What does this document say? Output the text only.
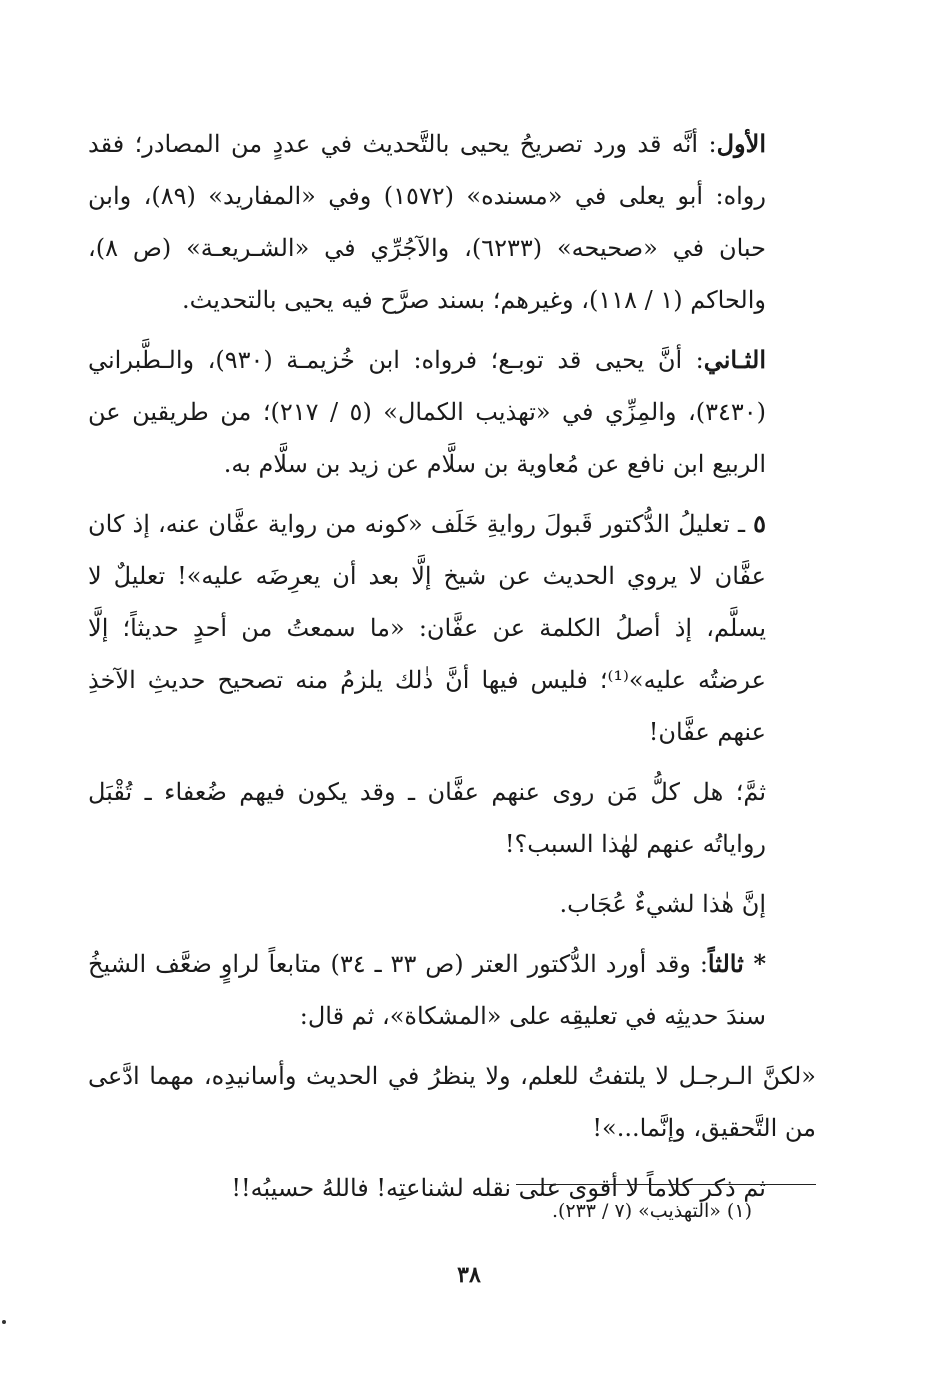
الأول: أنَّه قد ورد تصريحُ يحيى بالتَّحديث في عددٍ من المصادر؛ فقد رواه: أبو يعلى في «مسنده» (١٥٧٢) وفي «المفاريد» (٨٩)، وابن حبان في «صحيحه» (٦٢٣٣)، والآجُرِّي في «الشـريعـة» (ص ٨)، والحاكم (١ / ١١٨)، وغيرهم؛ بسند صرَّح فيه يحيى بالتحديث.

الثـاني: أنَّ يحيى قد توبـع؛ فرواه: ابن خُزيمـة (٩٣٠)، والـطَّبراني (٣٤٣٠)، والمِزِّي في «تهذيب الكمال» (٥ / ٢١٧)؛ من طريقين عن الربيع ابن نافع عن مُعاوية بن سلَّام عن زيد بن سلَّام به.

٥ ـ تعليلُ الدُّكتور قَبولَ روايةِ خَلَف «كونه من رواية عفَّان عنه، إذ كان عفَّان لا يروي الحديث عن شيخ إلَّا بعد أن يعرِضَه عليه»! تعليلٌ لا يسلَّم، إذ أصلُ الكلمة عن عفَّان: «ما سمعتُ من أحدٍ حديثاً؛ إلَّا عرضتُه عليه»⁽¹⁾؛ فليس فيها أنَّ ذٰلك يلزمُ منه تصحيح حديثِ الآخذِ عنهم عفَّان!

ثمَّ؛ هل كلُّ مَن روى عنهم عفَّان ـ وقد يكون فيهم ضُعفاء ـ تُقْبَل رواياتُه عنهم لهٰذا السبب؟!

إنَّ هٰذا لشيءٌ عُجَاب.

* ثالثاً: وقد أورد الدُّكتور العتر (ص ٣٣ ـ ٣٤) متابعاً لراوٍ ضعَّف الشيخُ سندَ حديثِه في تعليقِه على «المشكاة»، ثم قال:

«لكنَّ الـرجـل لا يلتفتُ للعلم، ولا ينظرُ في الحديث وأسانيدِه، مهما ادَّعى من التَّحقيق، وإنَّما...»!

ثم ذكر كلاماً لا أقوى على نقله لشناعتِه! فاللهُ حسيبُه!!

(١) «التهذيب» (٧ / ٢٣٣).
٣٨
